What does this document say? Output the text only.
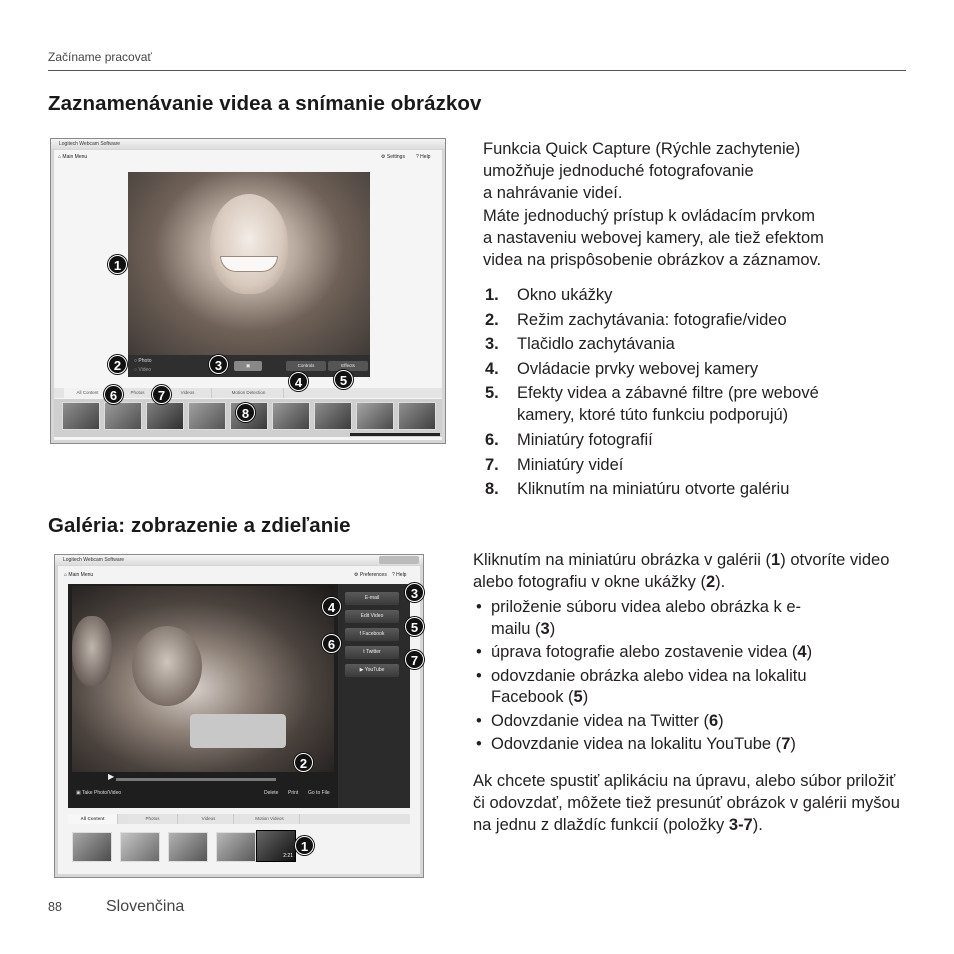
Začíname pracovať
Zaznamenávanie videa a snímanie obrázkov
Logitech Webcam Software
⌂ Main Menu	⚙ Settings ? Help
○ Photo
○ Video
▣	Controls	Effects
All Content	Photos	Videos	Motion Detection
1
2	3
4	5
6	7
8
Funkcia Quick Capture (Rýchle zachytenie)
umožňuje jednoduché fotografovanie
a nahrávanie videí.
Máte jednoduchý prístup k ovládacím prvkom
a nastaveniu webovej kamery, ale tiež efektom
videa na prispôsobenie obrázkov a záznamov.
1. Okno ukážky
2. Režim zachytávania: fotografie/video
3. Tlačidlo zachytávania
4. Ovládacie prvky webovej kamery
5. Efekty videa a zábavné filtre (pre webové kamery, ktoré túto funkciu podporujú)
6. Miniatúry fotografií
7. Miniatúry videí
8. Kliknutím na miniatúru otvorte galériu
Galéria: zobrazenie a zdieľanie
Logitech Webcam Software
⌂ Main Menu	⚙ Preferences ? Help
▶
▣ Take Photo/Video	Delete Print Go to File
E-mail
Edit Video
f Facebook
t Twitter
▶ YouTube
All Content	Photos	Videos	Motion Videos
2:21
3
4
5
6
7
2
1
Kliknutím na miniatúru obrázka v galérii (1) otvoríte video alebo fotografiu v okne ukážky (2).
• priloženie súboru videa alebo obrázka k e-mailu (3)
• úprava fotografie alebo zostavenie videa (4)
• odovzdanie obrázka alebo videa na lokalitu Facebook (5)
• Odovzdanie videa na Twitter (6)
• Odovzdanie videa na lokalitu YouTube (7)
Ak chcete spustiť aplikáciu na úpravu, alebo súbor priložiť či odovzdať, môžete tiež presunúť obrázok v galérii myšou na jednu z dlaždíc funkcií (položky 3-7).
88	Slovenčina
